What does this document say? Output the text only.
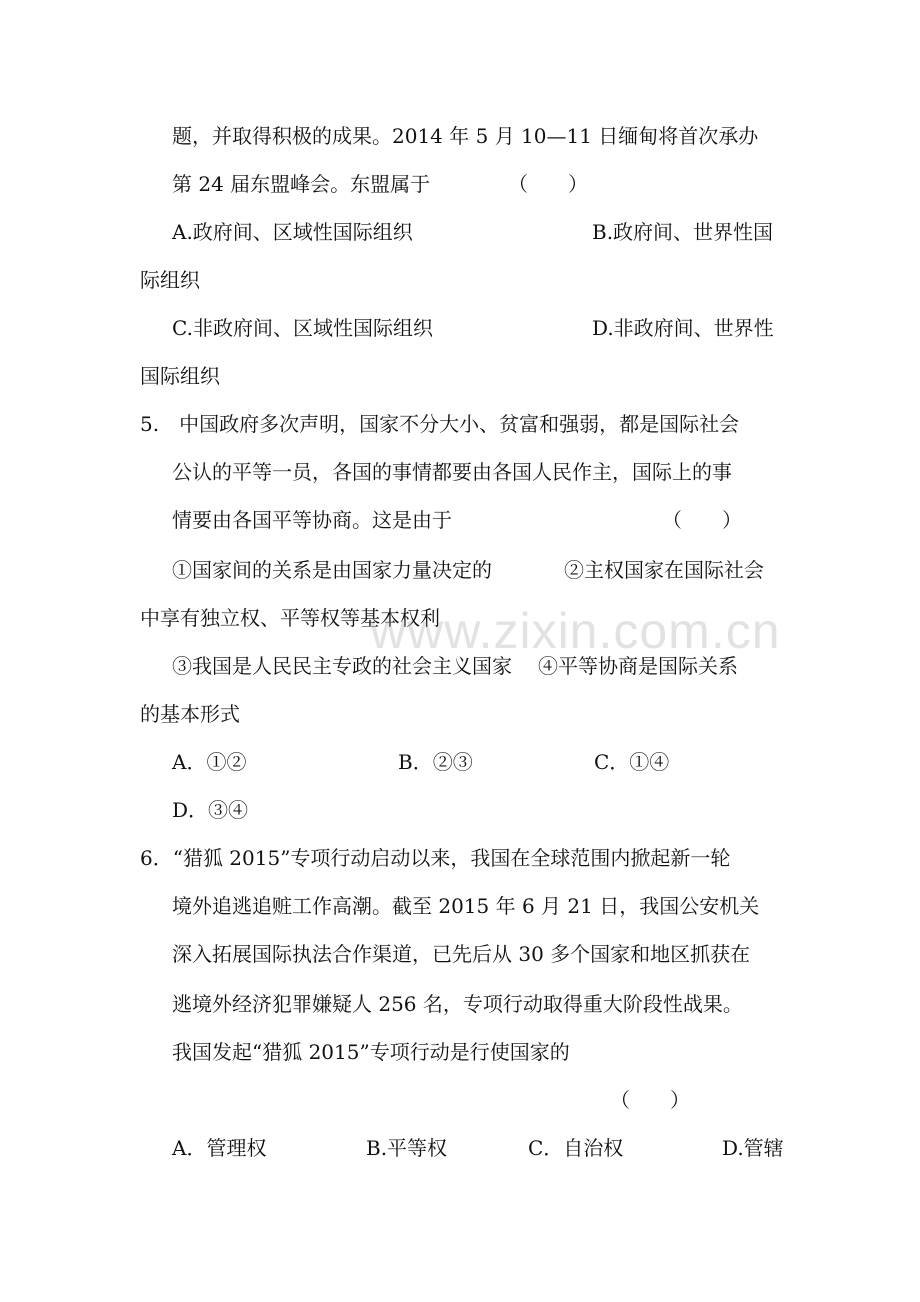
题，并取得积极的成果。2014 年 5 月 10—11 日缅甸将首次承办
第 24 届东盟峰会。东盟属于	（　　）
A.政府间、区域性国际组织	B.政府间、世界性国
际组织
C.非政府间、区域性国际组织	D.非政府间、世界性
国际组织
5.　中国政府多次声明，国家不分大小、贫富和强弱，都是国际社会
公认的平等一员，各国的事情都要由各国人民作主，国际上的事
情要由各国平等协商。这是由于	（　　）
①国家间的关系是由国家力量决定的	②主权国家在国际社会
中享有独立权、平等权等基本权利
③我国是人民民主专政的社会主义国家 ④平等协商是国际关系
的基本形式
A．①②	B．②③	C．①④
D．③④
6．“猎狐 2015”专项行动启动以来，我国在全球范围内掀起新一轮
境外追逃追赃工作高潮。截至 2015 年 6 月 21 日，我国公安机关
深入拓展国际执法合作渠道，已先后从 30 多个国家和地区抓获在
逃境外经济犯罪嫌疑人 256 名，专项行动取得重大阶段性战果。
我国发起“猎狐 2015”专项行动是行使国家的
（　　）
A．管理权	B.平等权	C．自治权	D.管辖
www.zixin.com.cn
